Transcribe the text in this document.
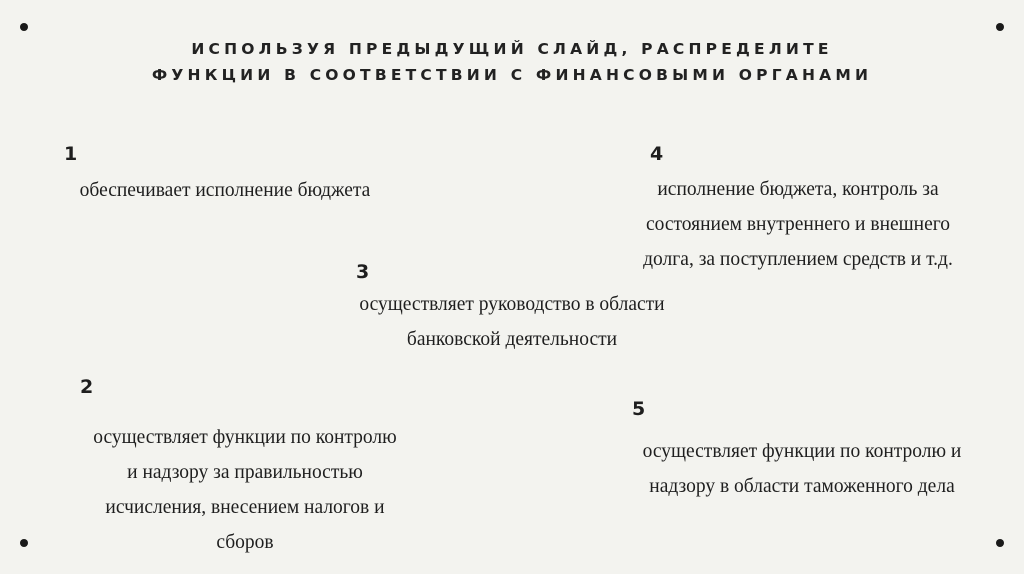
ИСПОЛЬЗУЯ ПРЕДЫДУЩИЙ СЛАЙД, РАСПРЕДЕЛИТЕ
ФУНКЦИИ В СООТВЕТСТВИИ С ФИНАНСОВЫМИ ОРГАНАМИ
1
обеспечивает исполнение бюджета
4
исполнение бюджета, контроль за
состоянием внутреннего и внешнего
долга, за поступлением средств и т.д.
3
осуществляет руководство в области
банковской деятельности
2
осуществляет функции по контролю
и надзору за правильностью
исчисления, внесением налогов и
сборов
5
осуществляет функции по контролю и
надзору в области таможенного дела
